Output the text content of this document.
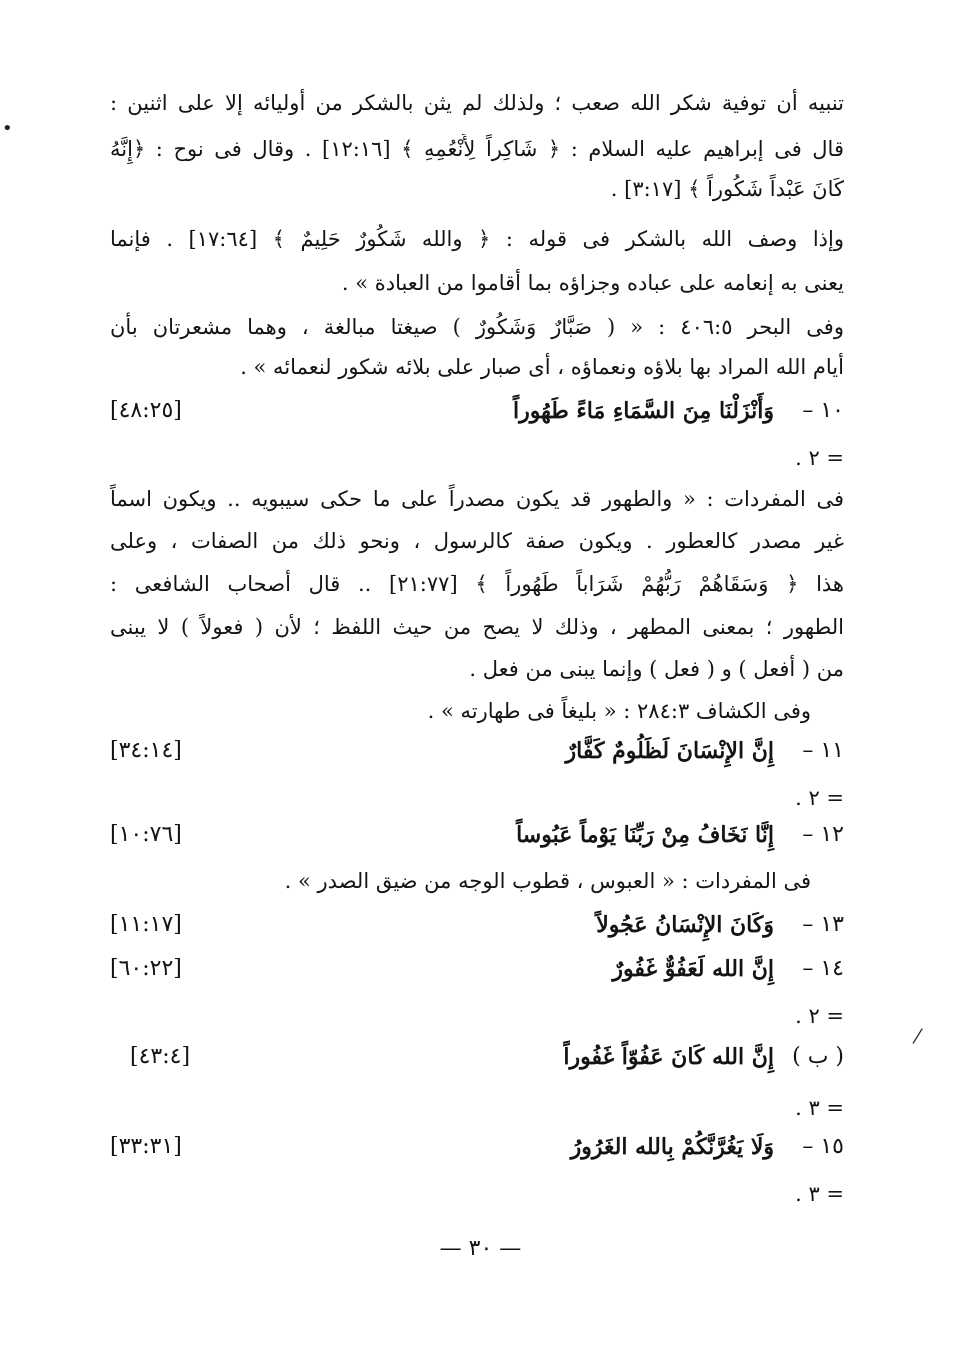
تنبيه أن توفية شكر الله صعب ؛ ولذلك لم يثن بالشكر من أوليائه إلا على اثنين :
قال فى إبراهيم عليه السلام : ﴿ شَاكِراً لِأَنْعُمِهِ ﴾ [١٢:١٦] . وقال فى نوح : ﴿إِنَّهُ
كَانَ عَبْداً شَكُوراً ﴾ [٣:١٧] .
وإذا وصف الله بالشكر فى قوله : ﴿ والله شَكُورٌ حَلِيمٌ ﴾ [١٧:٦٤] . فإنما
يعنى به إنعامه على عباده وجزاؤه بما أقاموا من العبادة » .
وفى البحر ٤٠٦:٥ : « ( صَبَّارٌ وَشَكُورٌ ) صيغتا مبالغة ، وهما مشعرتان بأن
أيام الله المراد بها بلاؤه ونعماؤه ، أى صبار على بلائه شكور لنعمائه » .
١٠ –
وَأَنْزَلْنَا مِنَ السَّمَاءِ مَاءً طَهُوراً
[٤٨:٢٥]
= ٢ .
فى المفردات : « والطهور قد يكون مصدراً على ما حكى سيبويه .. ويكون اسماً
غير مصدر كالعطور . ويكون صفة كالرسول ، ونحو ذلك من الصفات ، وعلى
هذا ﴿ وَسَقَاهُمْ رَبُّهُمْ شَرَاباً طَهُوراً ﴾ [٢١:٧٧] .. قال أصحاب الشافعى :
الطهور ؛ بمعنى المطهر ، وذلك لا يصح من حيث اللفظ ؛ لأن ( فعولاً ) لا يبنى
من ( أفعل ) و ( فعل ) وإنما يبنى من فعل .
وفى الكشاف ٢٨٤:٣ : « بليغاً فى طهارته » .
١١ –
إِنَّ الإِنْسَانَ لَظَلُومٌ كَفَّارٌ
[٣٤:١٤]
= ٢ .
١٢ –
إِنَّا نَخَافُ مِنْ رَبِّنَا يَوْماً عَبُوساً
[١٠:٧٦]
فى المفردات : « العبوس ، قطوب الوجه من ضيق الصدر » .
١٣ –
وَكَانَ الإِنْسَانُ عَجُولاً
[١١:١٧]
١٤ –
إِنَّ الله لَعَفُوٌّ غَفُورٌ
[٦٠:٢٢]
= ٢ .
( ب )
إِنَّ الله كَانَ عَفُوّاً غَفُوراً
[٤٣:٤]
= ٣ .
١٥ –
وَلَا يَغُرَّنَّكُمْ بِالله الغَرُورُ
[٣٣:٣١]
= ٣ .
— ٣٠ —
•
⁄
